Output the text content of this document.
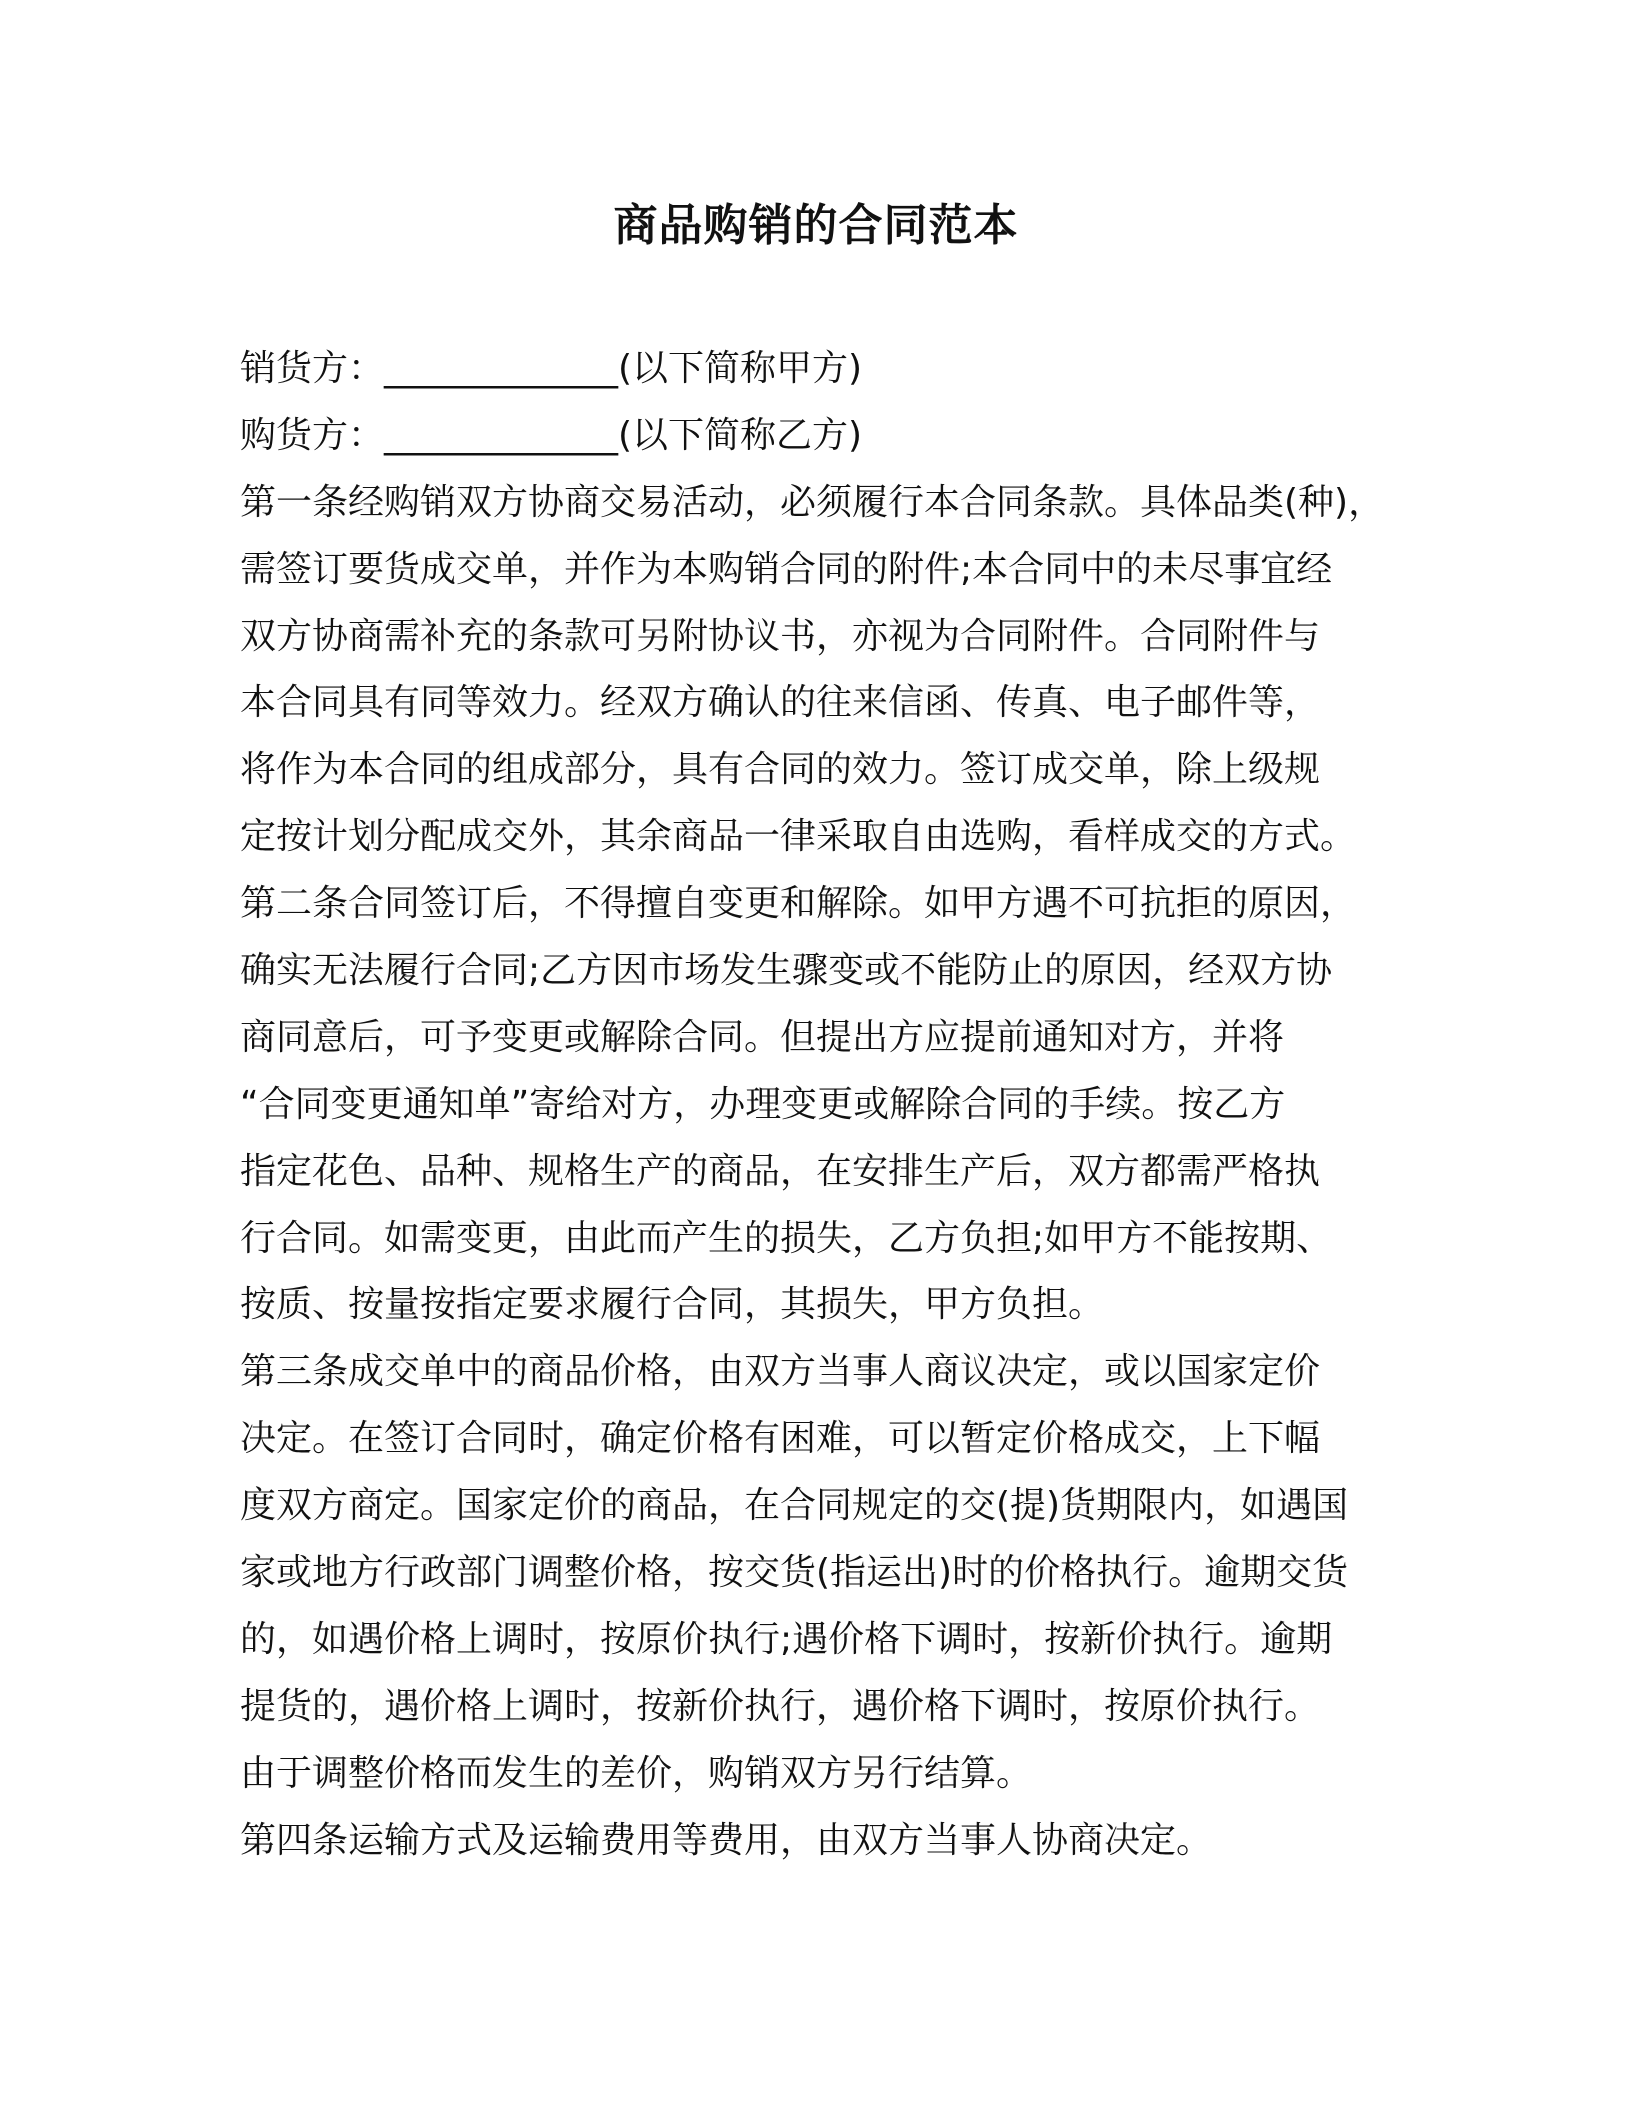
商品购销的合同范本
销货方：_____________(以下简称甲方)
购货方：_____________(以下简称乙方)
第一条经购销双方协商交易活动，必须履行本合同条款。具体品类(种)，
需签订要货成交单，并作为本购销合同的附件;本合同中的未尽事宜经
双方协商需补充的条款可另附协议书，亦视为合同附件。合同附件与
本合同具有同等效力。经双方确认的往来信函、传真、电子邮件等，
将作为本合同的组成部分，具有合同的效力。签订成交单，除上级规
定按计划分配成交外，其余商品一律采取自由选购，看样成交的方式。
第二条合同签订后，不得擅自变更和解除。如甲方遇不可抗拒的原因，
确实无法履行合同;乙方因市场发生骤变或不能防止的原因，经双方协
商同意后，可予变更或解除合同。但提出方应提前通知对方，并将
“合同变更通知单”寄给对方，办理变更或解除合同的手续。按乙方
指定花色、品种、规格生产的商品，在安排生产后，双方都需严格执
行合同。如需变更，由此而产生的损失，乙方负担;如甲方不能按期、
按质、按量按指定要求履行合同，其损失，甲方负担。
第三条成交单中的商品价格，由双方当事人商议决定，或以国家定价
决定。在签订合同时，确定价格有困难，可以暂定价格成交，上下幅
度双方商定。国家定价的商品，在合同规定的交(提)货期限内，如遇国
家或地方行政部门调整价格，按交货(指运出)时的价格执行。逾期交货
的，如遇价格上调时，按原价执行;遇价格下调时，按新价执行。逾期
提货的，遇价格上调时，按新价执行，遇价格下调时，按原价执行。
由于调整价格而发生的差价，购销双方另行结算。
第四条运输方式及运输费用等费用，由双方当事人协商决定。
